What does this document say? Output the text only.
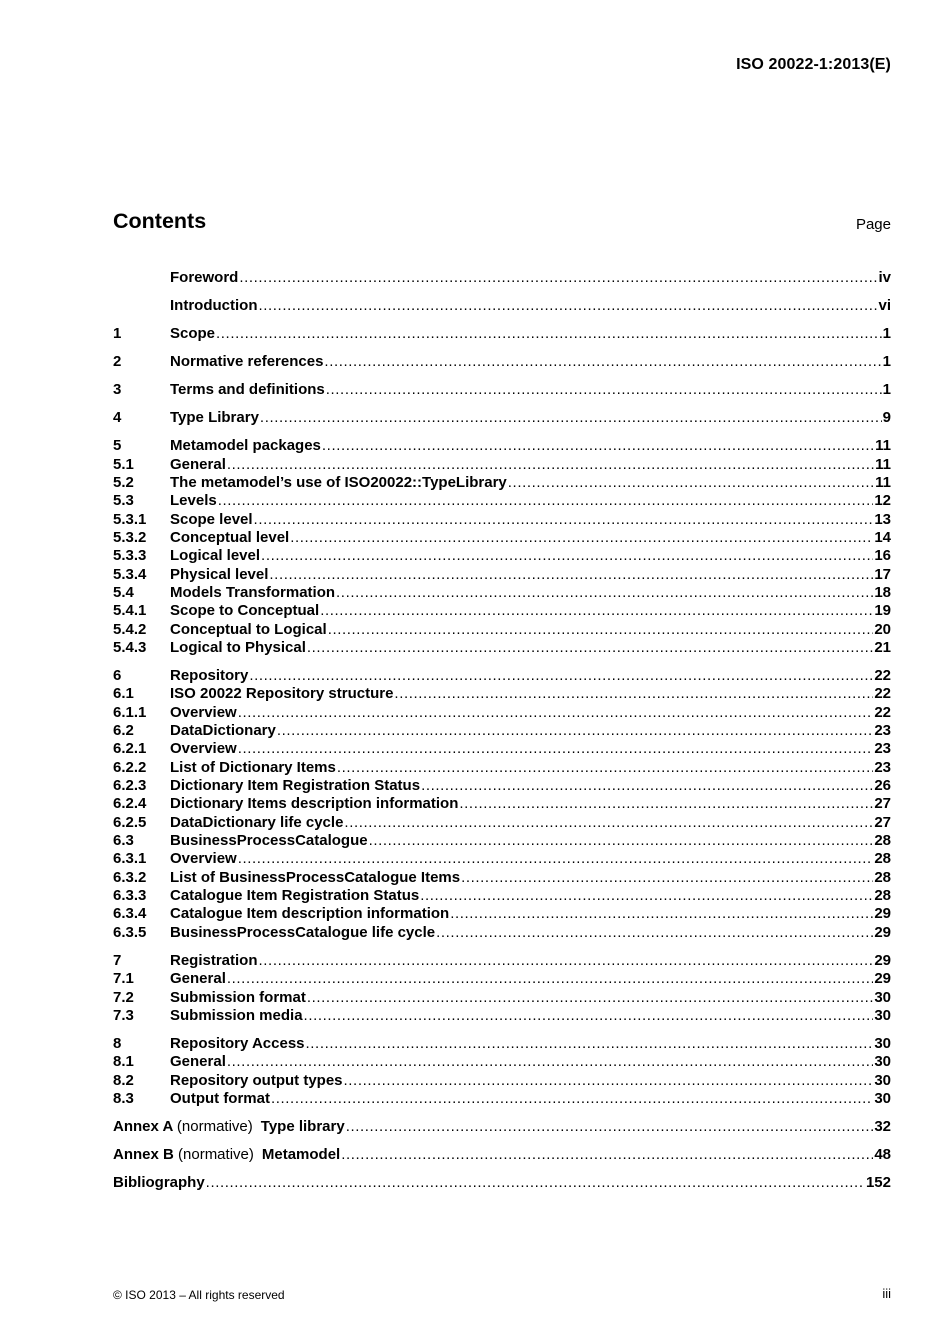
ISO 20022-1:2013(E)
Contents	Page
Foreword .....	iv
Introduction .....	vi
1	Scope .....	1
2	Normative references .....	1
3	Terms and definitions .....	1
4	Type Library .....	9
5	Metamodel packages .....	11
5.1	General .....	11
5.2	The metamodel’s use of ISO20022::TypeLibrary .....	11
5.3	Levels .....	12
5.3.1	Scope level .....	13
5.3.2	Conceptual level .....	14
5.3.3	Logical level .....	16
5.3.4	Physical level .....	17
5.4	Models Transformation .....	18
5.4.1	Scope to Conceptual .....	19
5.4.2	Conceptual to Logical .....	20
5.4.3	Logical to Physical .....	21
6	Repository .....	22
6.1	ISO 20022 Repository structure .....	22
6.1.1	Overview .....	22
6.2	DataDictionary .....	23
6.2.1	Overview .....	23
6.2.2	List of Dictionary Items .....	23
6.2.3	Dictionary Item Registration Status .....	26
6.2.4	Dictionary Items description information .....	27
6.2.5	DataDictionary life cycle .....	27
6.3	BusinessProcessCatalogue .....	28
6.3.1	Overview .....	28
6.3.2	List of BusinessProcessCatalogue Items .....	28
6.3.3	Catalogue Item Registration Status .....	28
6.3.4	Catalogue Item description information .....	29
6.3.5	BusinessProcessCatalogue life cycle .....	29
7	Registration .....	29
7.1	General .....	29
7.2	Submission format .....	30
7.3	Submission media .....	30
8	Repository Access .....	30
8.1	General .....	30
8.2	Repository output types .....	30
8.3	Output format .....	30
Annex A (normative) Type library .....	32
Annex B (normative) Metamodel .....	48
Bibliography .....	152
© ISO 2013 – All rights reserved	iii
